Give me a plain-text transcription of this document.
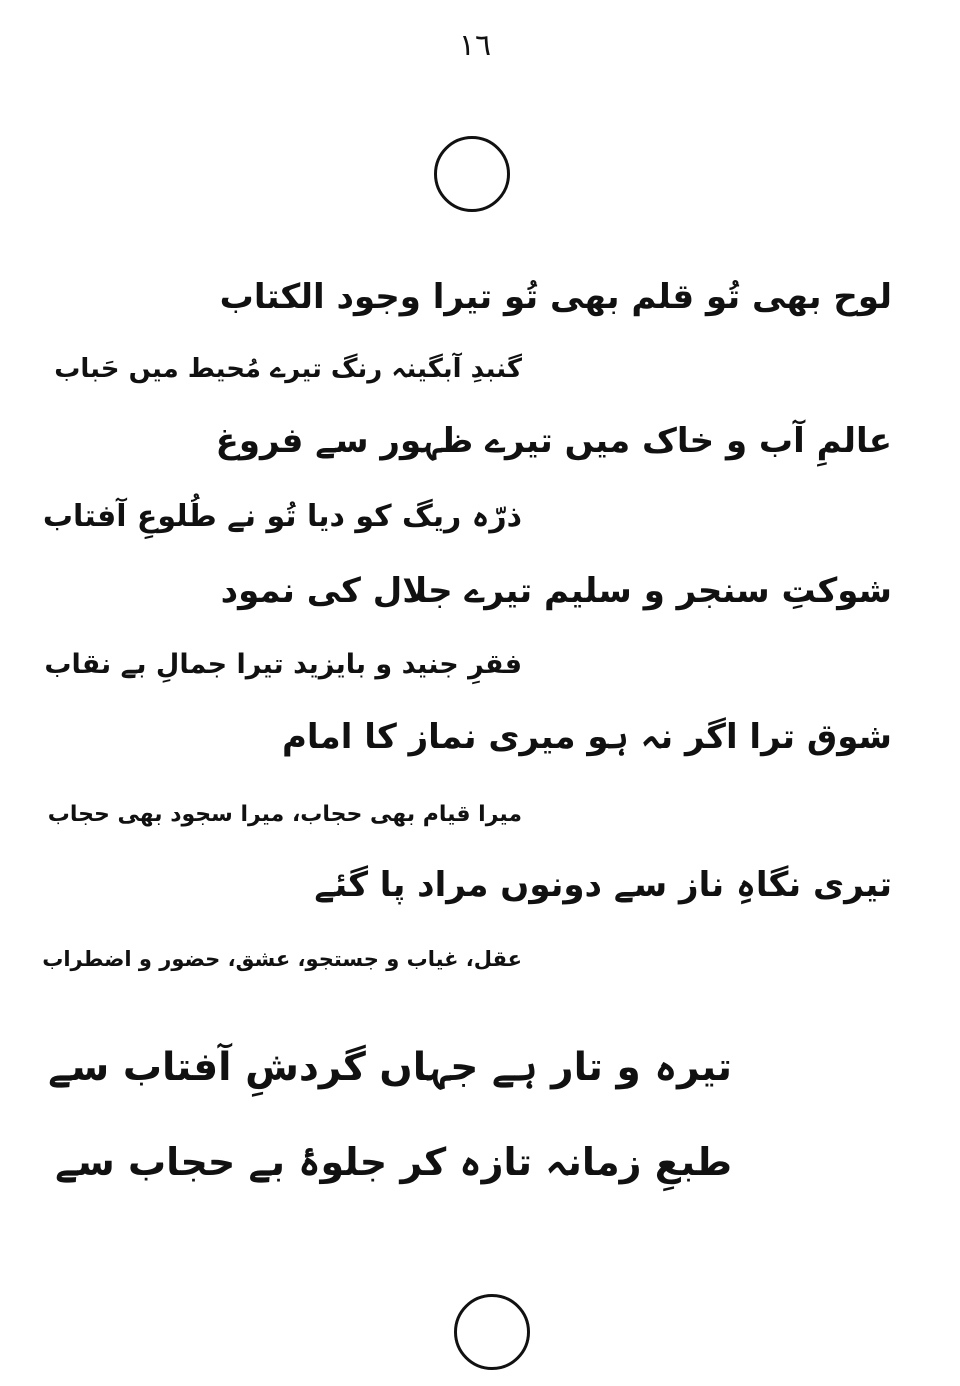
١٦
لوح بھی تُو قلم بھی تُو تیرا وجود الکتاب
گنبدِ آبگینہ رنگ تیرے مُحیط میں حَباب
عالمِ آب و خاک میں تیرے ظہور سے فروغ
ذرّہ ریگ کو دیا تُو نے طُلوعِ آفتاب
شوکتِ سنجر و سلیم تیرے جلال کی نمود
فقرِ جنید و بایزید تیرا جمالِ بے نقاب
شوق ترا اگر نہ ہو میری نماز کا امام
میرا قیام بھی حجاب، میرا سجود بھی حجاب
تیری نگاہِ ناز سے دونوں مراد پا گئے
عقل، غیاب و جستجو، عشق، حضور و اضطراب
تیرہ و تار ہے جہاں گردشِ آفتاب سے
طبعِ زمانہ تازہ کر جلوۂ بے حجاب سے
